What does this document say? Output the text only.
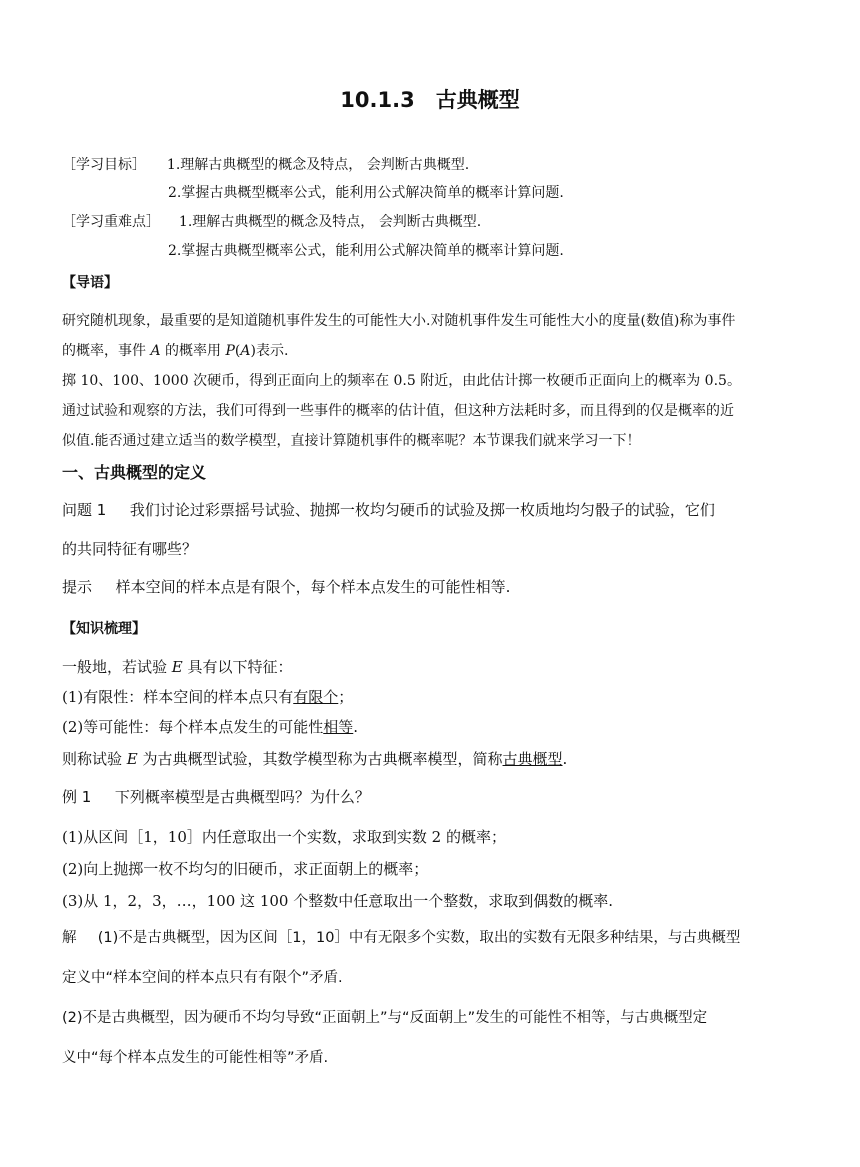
10.1.3　古典概型
［学习目标］ 1.理解古典概型的概念及特点， 会判断古典概型.
2.掌握古典概型概率公式，能利用公式解决简单的概率计算问题.
［学习重难点］ 1.理解古典概型的概念及特点， 会判断古典概型.
2.掌握古典概型概率公式，能利用公式解决简单的概率计算问题.
【导语】
研究随机现象，最重要的是知道随机事件发生的可能性大小.对随机事件发生可能性大小的度量(数值)称为事件
的概率，事件 A 的概率用 P(A)表示.
掷 10、100、1000 次硬币，得到正面向上的频率在 0.5 附近，由此估计掷一枚硬币正面向上的概率为 0.5。
通过试验和观察的方法，我们可得到一些事件的概率的估计值，但这种方法耗时多，而且得到的仅是概率的近
似值.能否通过建立适当的数学模型，直接计算随机事件的概率呢？本节课我们就来学习一下！
一、古典概型的定义
问题 1 我们讨论过彩票摇号试验、抛掷一枚均匀硬币的试验及掷一枚质地均匀骰子的试验，它们
的共同特征有哪些？
提示 样本空间的样本点是有限个，每个样本点发生的可能性相等.
【知识梳理】
一般地，若试验 E 具有以下特征：
(1)有限性：样本空间的样本点只有有限个；
(2)等可能性：每个样本点发生的可能性相等.
则称试验 E 为古典概型试验，其数学模型称为古典概率模型，简称古典概型.
例 1 下列概率模型是古典概型吗？为什么？
(1)从区间［1，10］内任意取出一个实数，求取到实数 2 的概率；
(2)向上抛掷一枚不均匀的旧硬币，求正面朝上的概率；
(3)从 1，2，3，…，100 这 100 个整数中任意取出一个整数，求取到偶数的概率.
解 (1)不是古典概型，因为区间［1，10］中有无限多个实数，取出的实数有无限多种结果，与古典概型
定义中“样本空间的样本点只有有限个”矛盾.
(2)不是古典概型，因为硬币不均匀导致“正面朝上”与“反面朝上”发生的可能性不相等，与古典概型定
义中“每个样本点发生的可能性相等”矛盾.
